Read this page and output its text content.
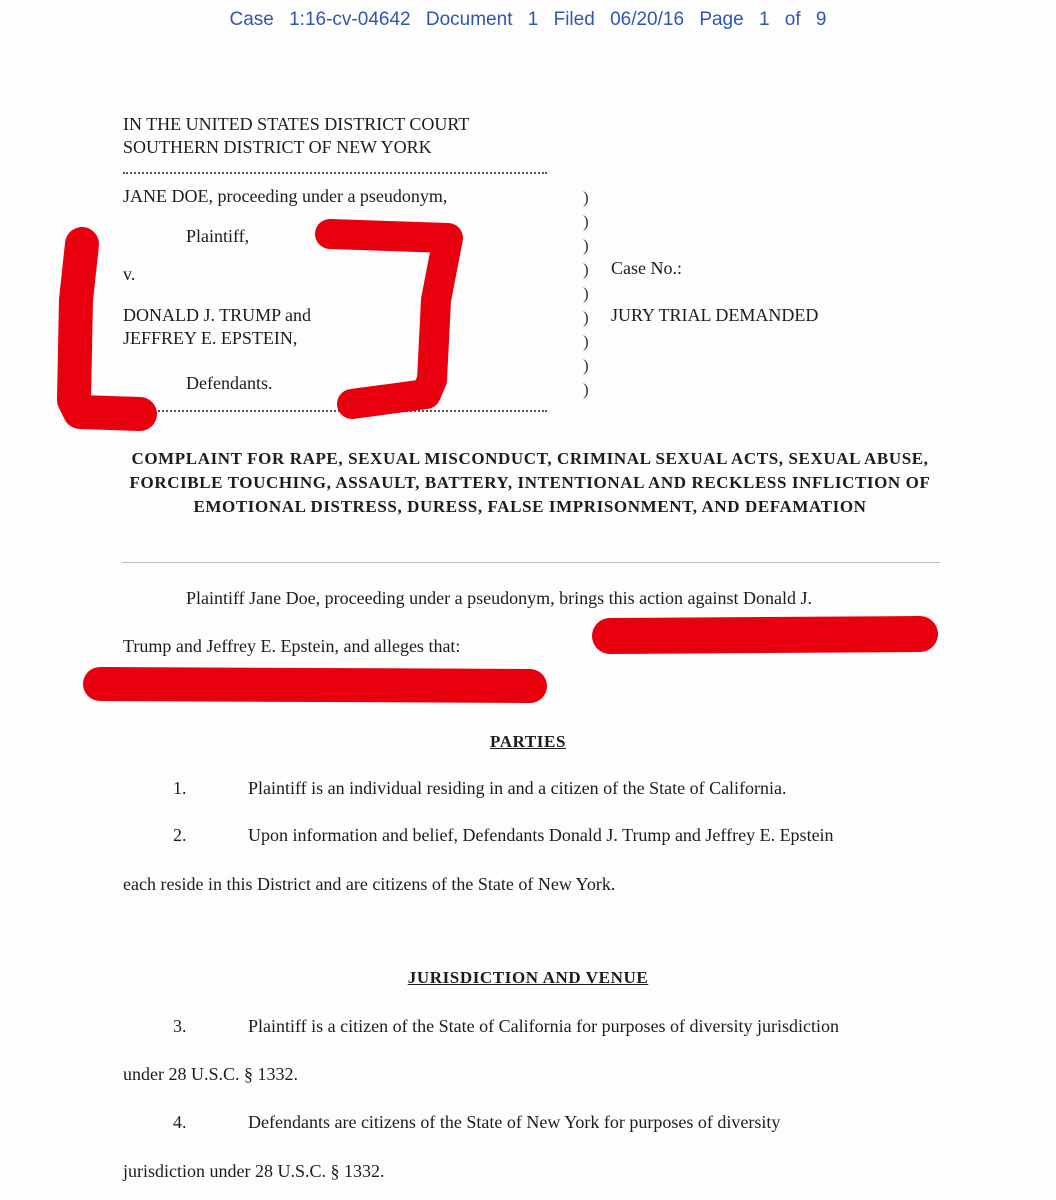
Case 1:16-cv-04642 Document 1 Filed 06/20/16 Page 1 of 9
IN THE UNITED STATES DISTRICT COURT
SOUTHERN DISTRICT OF NEW YORK
JANE DOE, proceeding under a pseudonym,
Plaintiff,
v.
DONALD J. TRUMP and
JEFFREY E. EPSTEIN,
Defendants.
)
)
)
)
)
)
)
)
)
Case No.:
JURY TRIAL DEMANDED
COMPLAINT FOR RAPE, SEXUAL MISCONDUCT, CRIMINAL SEXUAL ACTS, SEXUAL ABUSE, FORCIBLE TOUCHING, ASSAULT, BATTERY, INTENTIONAL AND RECKLESS INFLICTION OF EMOTIONAL DISTRESS, DURESS, FALSE IMPRISONMENT, AND DEFAMATION
Plaintiff Jane Doe, proceeding under a pseudonym, brings this action against Donald J.
Trump and Jeffrey E. Epstein, and alleges that:
PARTIES
1.	Plaintiff is an individual residing in and a citizen of the State of California.
2.	Upon information and belief, Defendants Donald J. Trump and Jeffrey E. Epstein
each reside in this District and are citizens of the State of New York.
JURISDICTION AND VENUE
3.	Plaintiff is a citizen of the State of California for purposes of diversity jurisdiction
under 28 U.S.C. § 1332.
4.	Defendants are citizens of the State of New York for purposes of diversity
jurisdiction under 28 U.S.C. § 1332.
